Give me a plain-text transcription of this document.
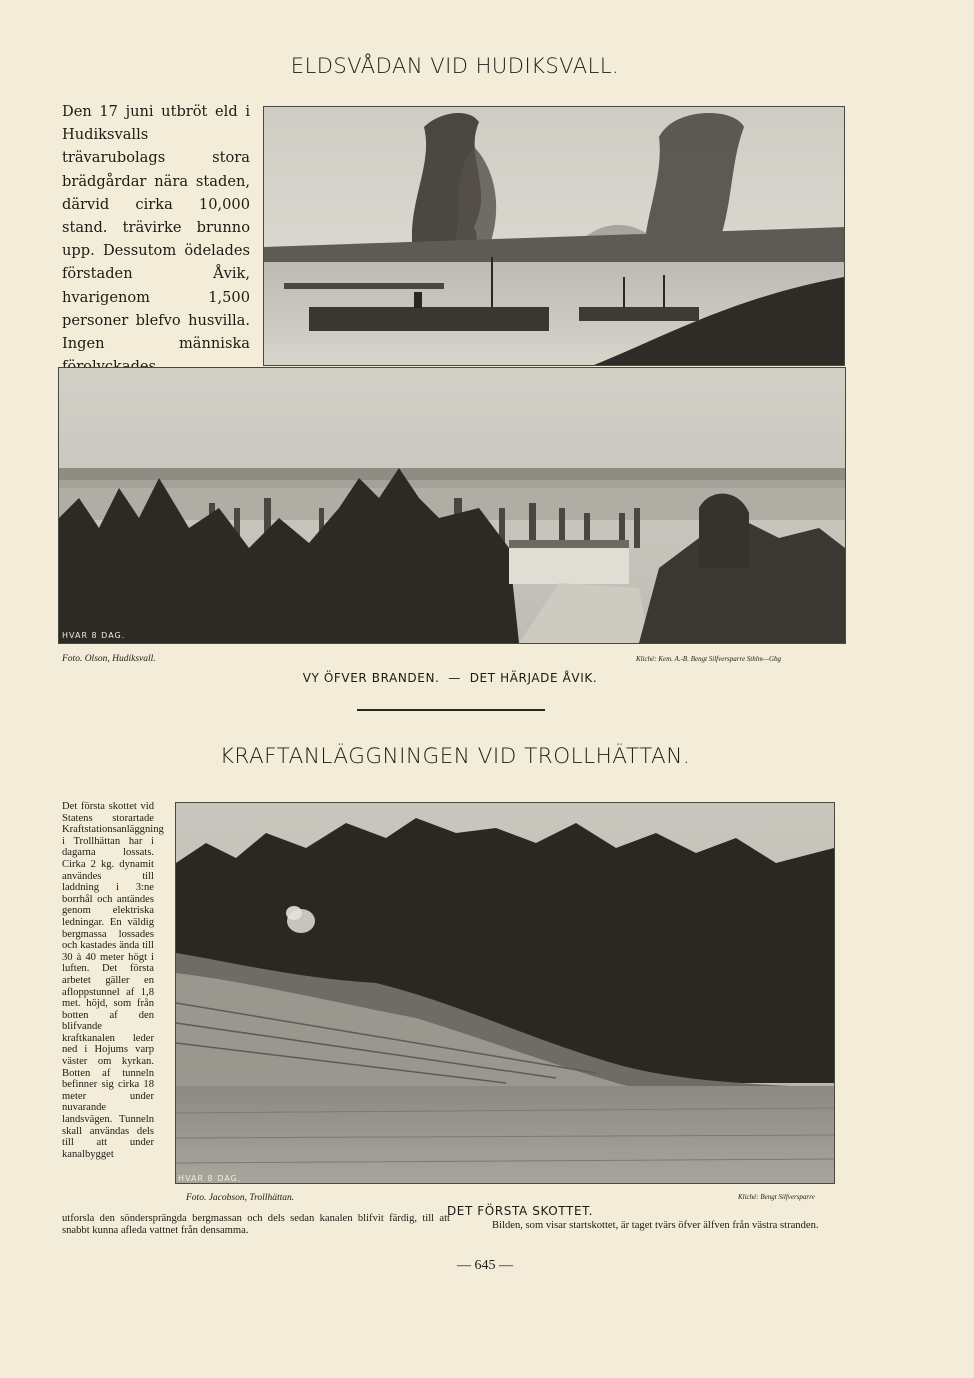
ELDSVÅDAN VID HUDIKSVALL.
Den 17 juni utbröt eld i Hudiksvalls trävarubolags stora brädgårdar nära staden, därvid cirka 10,000 stand. trävirke brunno upp. Dessutom ödelades förstaden Åvik, hvarigenom 1,500 personer blefvo husvilla. Ingen människa
HVAR 8 DAG.
Foto. Olson, Hudiksvall.	Kliché: Kem. A.-B. Bengt Silfversparre Sthlm—Gbg
VY ÖFVER BRANDEN.  —  DET HÄRJADE ÅVIK.
KRAFTANLÄGGNINGEN VID TROLLHÄTTAN.
Det första skottet vid Statens storartade Kraftstationsanläggning i Trollhättan har i dagarna lossats. Cirka 2 kg. dynamit användes till laddning i 3:ne borrhål och antändes genom elektriska ledningar. En väldig bergmassa lossades och kastades ända till 30 à 40 meter högt i luften. Det första arbetet gäller en afloppstunnel af 1,8 met. höjd, som från botten af den blifvande kraftkanalen leder ned i Hojums varp väster om kyrkan. Botten af tunneln befinner sig cirka 18 meter under nuvarande landsvägen. Tunneln skall användas dels till att under kanalbygget
HVAR 8 DAG.
Foto. Jacobson, Trollhättan.	Kliché: Bengt Silfversparre
DET FÖRSTA SKOTTET.
utforsla den söndersprängda bergmassan och dels sedan kanalen blifvit färdig, till att snabbt kunna afleda vattnet från densamma.	Bilden, som visar startskottet, är taget tvärs öfver älfven från västra stranden.
— 645 —
